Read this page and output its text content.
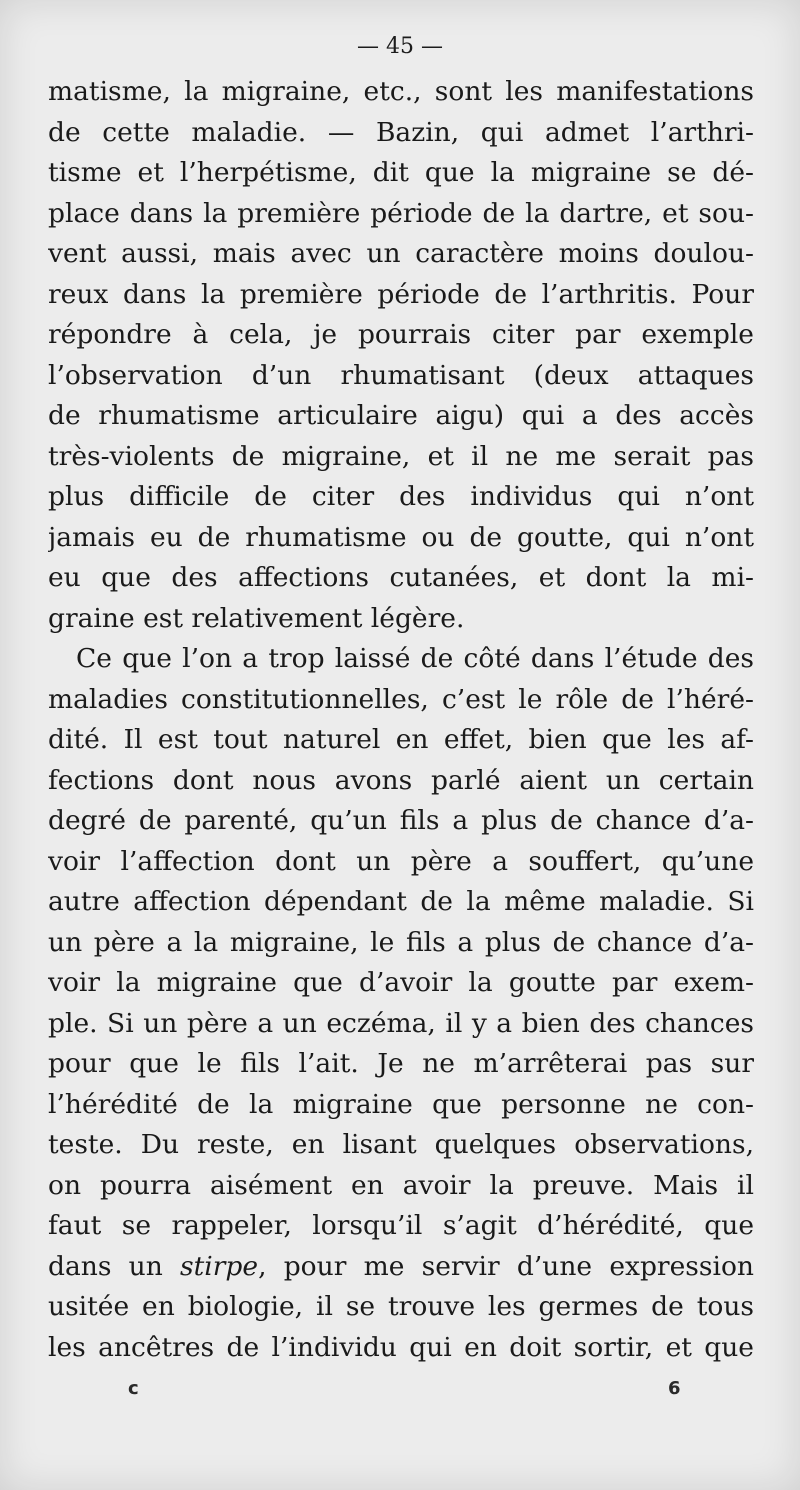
— 45 —
matisme, la migraine, etc., sont les manifestations
de cette maladie. — Bazin, qui admet l’arthri-
tisme et l’herpétisme, dit que la migraine se dé-
place dans la première période de la dartre, et sou-
vent aussi, mais avec un caractère moins doulou-
reux dans la première période de l’arthritis. Pour
répondre à cela, je pourrais citer par exemple
l’observation d’un rhumatisant (deux attaques
de rhumatisme articulaire aigu) qui a des accès
très-violents de migraine, et il ne me serait pas
plus difficile de citer des individus qui n’ont
jamais eu de rhumatisme ou de goutte, qui n’ont
eu que des affections cutanées, et dont la mi-
graine est relativement légère.
Ce que l’on a trop laissé de côté dans l’étude des
maladies constitutionnelles, c’est le rôle de l’héré-
dité. Il est tout naturel en effet, bien que les af-
fections dont nous avons parlé aient un certain
degré de parenté, qu’un fils a plus de chance d’a-
voir l’affection dont un père a souffert, qu’une
autre affection dépendant de la même maladie. Si
un père a la migraine, le fils a plus de chance d’a-
voir la migraine que d’avoir la goutte par exem-
ple. Si un père a un eczéma, il y a bien des chances
pour que le fils l’ait. Je ne m’arrêterai pas sur
l’hérédité de la migraine que personne ne con-
teste. Du reste, en lisant quelques observations,
on pourra aisément en avoir la preuve. Mais il
faut se rappeler, lorsqu’il s’agit d’hérédité, que
dans un stirpe, pour me servir d’une expression
usitée en biologie, il se trouve les germes de tous
les ancêtres de l’individu qui en doit sortir, et que
c	6
